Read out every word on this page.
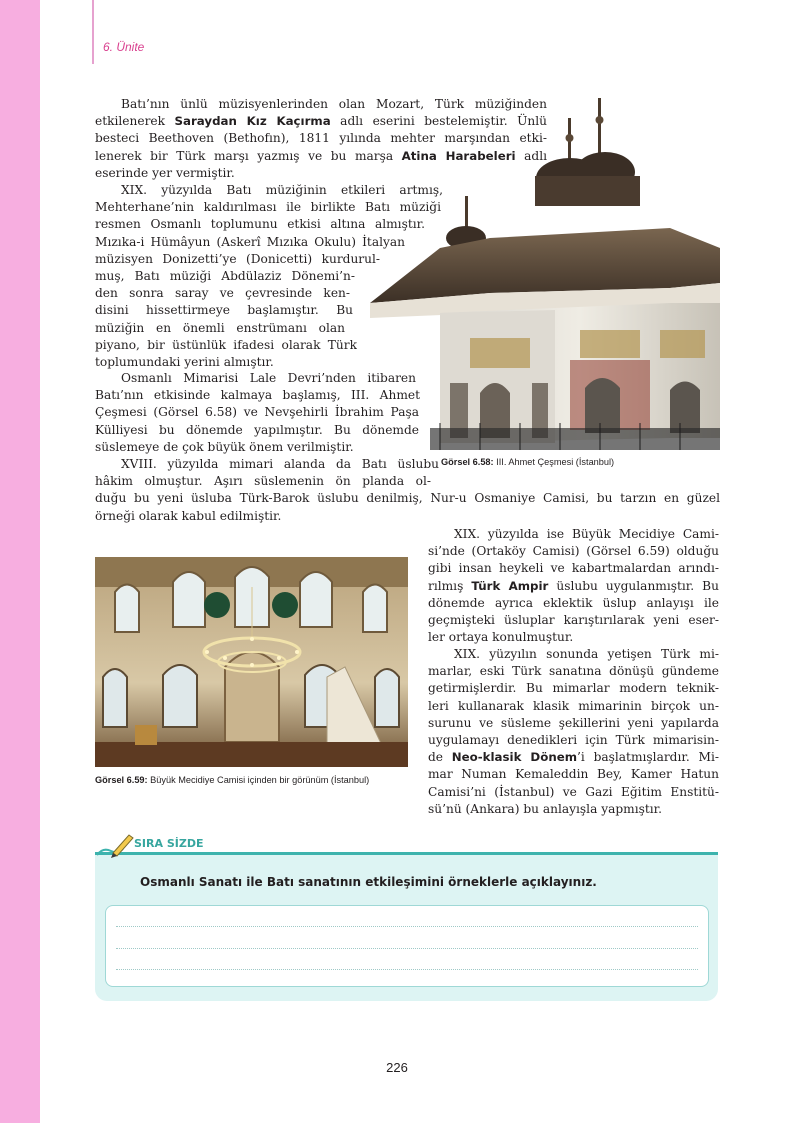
6. Ünite
Görsel 6.58: III. Ahmet Çeşmesi (İstanbul)
Batı’nın ünlü müzisyenlerinden olan Mozart, Türk müziğinden
etkilenerek Saraydan Kız Kaçırma adlı eserini bestelemiştir. Ünlü
besteci Beethoven (Bethofın), 1811 yılında mehter marşından etki-
lenerek bir Türk marşı yazmış ve bu marşa Atina Harabeleri adlı
eserinde yer vermiştir.
XIX. yüzyılda Batı müziğinin etkileri artmış,
Mehterhane’nin kaldırılması ile birlikte Batı müziği
resmen Osmanlı toplumunu etkisi altına almıştır.
Mızıka-i Hümâyun (Askerî Mızıka Okulu) İtalyan
müzisyen Donizetti’ye (Donicetti) kurdurul-
muş, Batı müziği Abdülaziz Dönemi’n-
den sonra saray ve çevresinde ken-
disini hissettirmeye başlamıştır. Bu
müziğin en önemli enstrümanı olan
piyano, bir üstünlük ifadesi olarak Türk
toplumundaki yerini almıştır.
Osmanlı Mimarisi Lale Devri’nden itibaren
Batı’nın etkisinde kalmaya başlamış, III. Ahmet
Çeşmesi (Görsel 6.58) ve Nevşehirli İbrahim Paşa
Külliyesi bu dönemde yapılmıştır. Bu dönemde
süslemeye de çok büyük önem verilmiştir.
XVIII. yüzyılda mimari alanda da Batı üslubu
hâkim olmuştur. Aşırı süslemenin ön planda ol-
duğu bu yeni üsluba Türk-Barok üslubu denilmiş, Nur-u Osmaniye Camisi, bu tarzın en güzel
örneği olarak kabul edilmiştir.
Görsel 6.59: Büyük Mecidiye Camisi içinden bir görünüm (İstanbul)
XIX. yüzyılda ise Büyük Mecidiye Cami-
si’nde (Ortaköy Camisi) (Görsel 6.59) olduğu
gibi insan heykeli ve kabartmalardan arındı-
rılmış Türk Ampir üslubu uygulanmıştır. Bu
dönemde ayrıca eklektik üslup anlayışı ile
geçmişteki üsluplar karıştırılarak yeni eser-
ler ortaya konulmuştur.
XIX. yüzyılın sonunda yetişen Türk mi-
marlar, eski Türk sanatına dönüşü gündeme
getirmişlerdir. Bu mimarlar modern teknik-
leri kullanarak klasik mimarinin birçok un-
surunu ve süsleme şekillerini yeni yapılarda
uygulamayı denedikleri için Türk mimarisin-
de Neo-klasik Dönem’i başlatmışlardır. Mi-
mar Numan Kemaleddin Bey, Kamer Hatun
Camisi’ni (İstanbul) ve Gazi Eğitim Enstitü-
sü’nü (Ankara) bu anlayışla yapmıştır.
SIRA SİZDE
Osmanlı Sanatı ile Batı sanatının etkileşimini örneklerle açıklayınız.
226
